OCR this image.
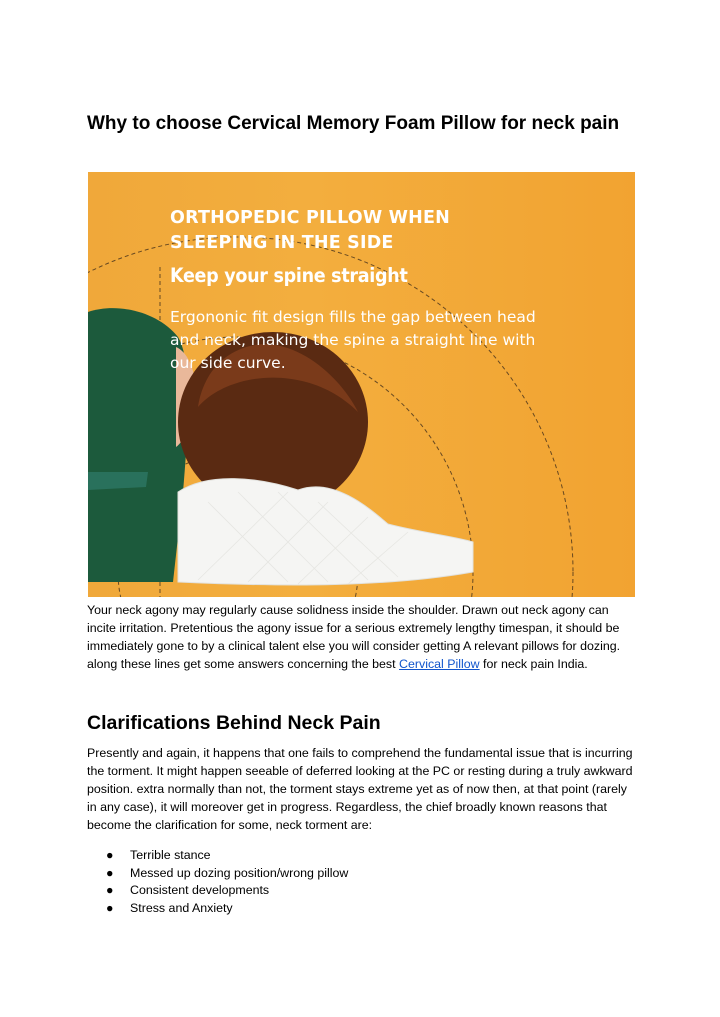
Why to choose Cervical Memory Foam Pillow for neck pain
ORTHOPEDIC PILLOW WHEN
SLEEPING IN THE SIDE
Keep your spine straight
Ergononic fit design fills the gap between head
and neck, making the spine a straight line with
our side curve.

Your neck agony may regularly cause solidness inside the shoulder. Drawn out neck agony can incite irritation. Pretentious the agony issue for a serious extremely lengthy timespan, it should be immediately gone to by a clinical talent else you will consider getting A relevant pillows for dozing. along these lines get some answers concerning the best Cervical Pillow for neck pain India.

Clarifications Behind Neck Pain

Presently and again, it happens that one fails to comprehend the fundamental issue that is incurring the torment. It might happen seeable of deferred looking at the PC or resting during a truly awkward position. extra normally than not, the torment stays extreme yet as of now then, at that point (rarely in any case), it will moreover get in progress. Regardless, the chief broadly known reasons that become the clarification for some, neck torment are:

● Terrible stance
● Messed up dozing position/wrong pillow
● Consistent developments
● Stress and Anxiety
